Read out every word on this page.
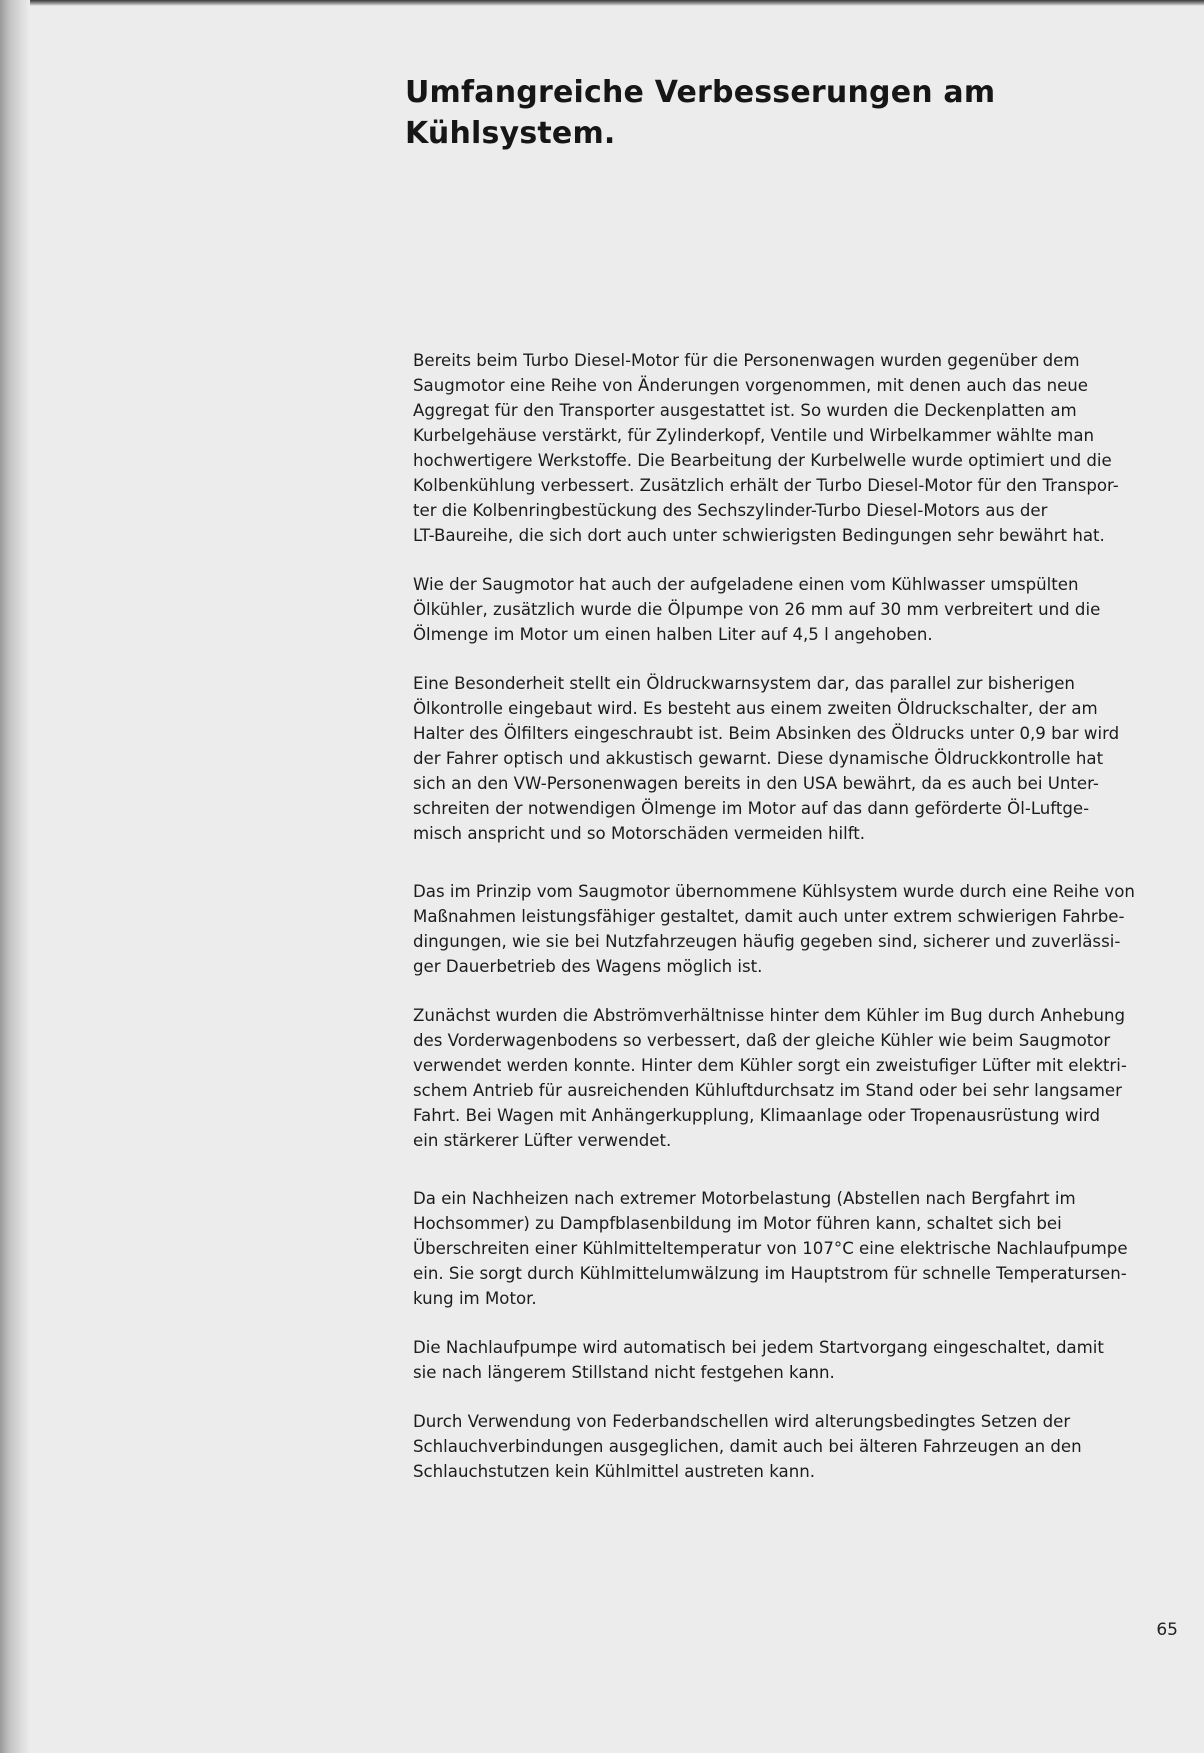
Umfangreiche Verbesserungen am
Kühlsystem.

Bereits beim Turbo Diesel-Motor für die Personenwagen wurden gegenüber dem
Saugmotor eine Reihe von Änderungen vorgenommen, mit denen auch das neue
Aggregat für den Transporter ausgestattet ist. So wurden die Deckenplatten am
Kurbelgehäuse verstärkt, für Zylinderkopf, Ventile und Wirbelkammer wählte man
hochwertigere Werkstoffe. Die Bearbeitung der Kurbelwelle wurde optimiert und die
Kolbenkühlung verbessert. Zusätzlich erhält der Turbo Diesel-Motor für den Transpor-
ter die Kolbenringbestückung des Sechszylinder-Turbo Diesel-Motors aus der
LT-Baureihe, die sich dort auch unter schwierigsten Bedingungen sehr bewährt hat.

Wie der Saugmotor hat auch der aufgeladene einen vom Kühlwasser umspülten
Ölkühler, zusätzlich wurde die Ölpumpe von 26 mm auf 30 mm verbreitert und die
Ölmenge im Motor um einen halben Liter auf 4,5 l angehoben.

Eine Besonderheit stellt ein Öldruckwarnsystem dar, das parallel zur bisherigen
Ölkontrolle eingebaut wird. Es besteht aus einem zweiten Öldruckschalter, der am
Halter des Ölfilters eingeschraubt ist. Beim Absinken des Öldrucks unter 0,9 bar wird
der Fahrer optisch und akkustisch gewarnt. Diese dynamische Öldruckkontrolle hat
sich an den VW-Personenwagen bereits in den USA bewährt, da es auch bei Unter-
schreiten der notwendigen Ölmenge im Motor auf das dann geförderte Öl-Luftge-
misch anspricht und so Motorschäden vermeiden hilft.

Das im Prinzip vom Saugmotor übernommene Kühlsystem wurde durch eine Reihe von
Maßnahmen leistungsfähiger gestaltet, damit auch unter extrem schwierigen Fahrbe-
dingungen, wie sie bei Nutzfahrzeugen häufig gegeben sind, sicherer und zuverlässi-
ger Dauerbetrieb des Wagens möglich ist.

Zunächst wurden die Abströmverhältnisse hinter dem Kühler im Bug durch Anhebung
des Vorderwagenbodens so verbessert, daß der gleiche Kühler wie beim Saugmotor
verwendet werden konnte. Hinter dem Kühler sorgt ein zweistufiger Lüfter mit elektri-
schem Antrieb für ausreichenden Kühluftdurchsatz im Stand oder bei sehr langsamer
Fahrt. Bei Wagen mit Anhängerkupplung, Klimaanlage oder Tropenausrüstung wird
ein stärkerer Lüfter verwendet.

Da ein Nachheizen nach extremer Motorbelastung (Abstellen nach Bergfahrt im
Hochsommer) zu Dampfblasenbildung im Motor führen kann, schaltet sich bei
Überschreiten einer Kühlmitteltemperatur von 107°C eine elektrische Nachlaufpumpe
ein. Sie sorgt durch Kühlmittelumwälzung im Hauptstrom für schnelle Temperatursen-
kung im Motor.

Die Nachlaufpumpe wird automatisch bei jedem Startvorgang eingeschaltet, damit
sie nach längerem Stillstand nicht festgehen kann.

Durch Verwendung von Federbandschellen wird alterungsbedingtes Setzen der
Schlauchverbindungen ausgeglichen, damit auch bei älteren Fahrzeugen an den
Schlauchstutzen kein Kühlmittel austreten kann.

65
